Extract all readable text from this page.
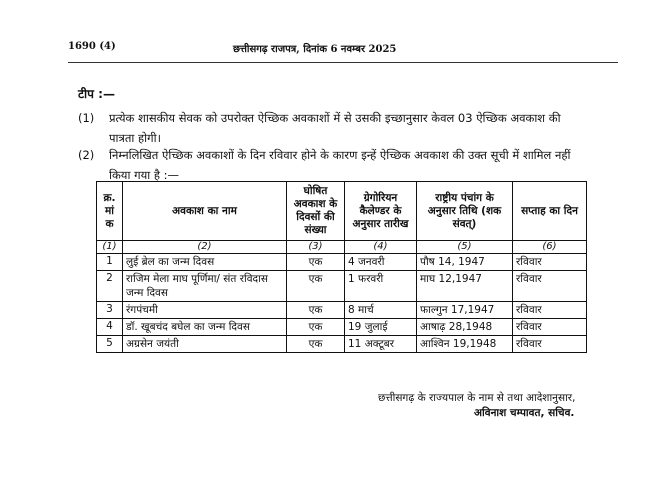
1690 (4)	छत्तीसगढ़ राजपत्र, दिनांक 6 नवम्बर 2025
टीप :—
(1) प्रत्येक शासकीय सेवक को उपरोक्त ऐच्छिक अवकाशों में से उसकी इच्छानुसार केवल 03 ऐच्छिक अवकाश की पात्रता होगी।
(2) निम्नलिखित ऐच्छिक अवकाशों के दिन रविवार होने के कारण इन्हें ऐच्छिक अवकाश की उक्त सूची में शामिल नहीं किया गया है :—
क्र. मां क	अवकाश का नाम	घोषित अवकाश के दिवसों की संख्या	ग्रेगोरियन कैलेण्डर के अनुसार तारीख	राष्ट्रीय पंचांग के अनुसार तिथि (शक संवत्)	सप्ताह का दिन
(1)	(2)	(3)	(4)	(5)	(6)
1	लुई ब्रेल का जन्म दिवस	एक	4 जनवरी	पौष 14, 1947	रविवार
2	राजिम मेला माघ पूर्णिमा/ संत रविदास जन्म दिवस	एक	1 फरवरी	माघ 12,1947	रविवार
3	रंगपंचमी	एक	8 मार्च	फाल्गुन 17,1947	रविवार
4	डॉ. खूबचंद बघेल का जन्म दिवस	एक	19 जुलाई	आषाढ़ 28,1948	रविवार
5	अग्रसेन जयंती	एक	11 अक्टूबर	आश्विन 19,1948	रविवार
छत्तीसगढ़ के राज्यपाल के नाम से तथा आदेशानुसार,
अविनाश चम्पावत, सचिव.
